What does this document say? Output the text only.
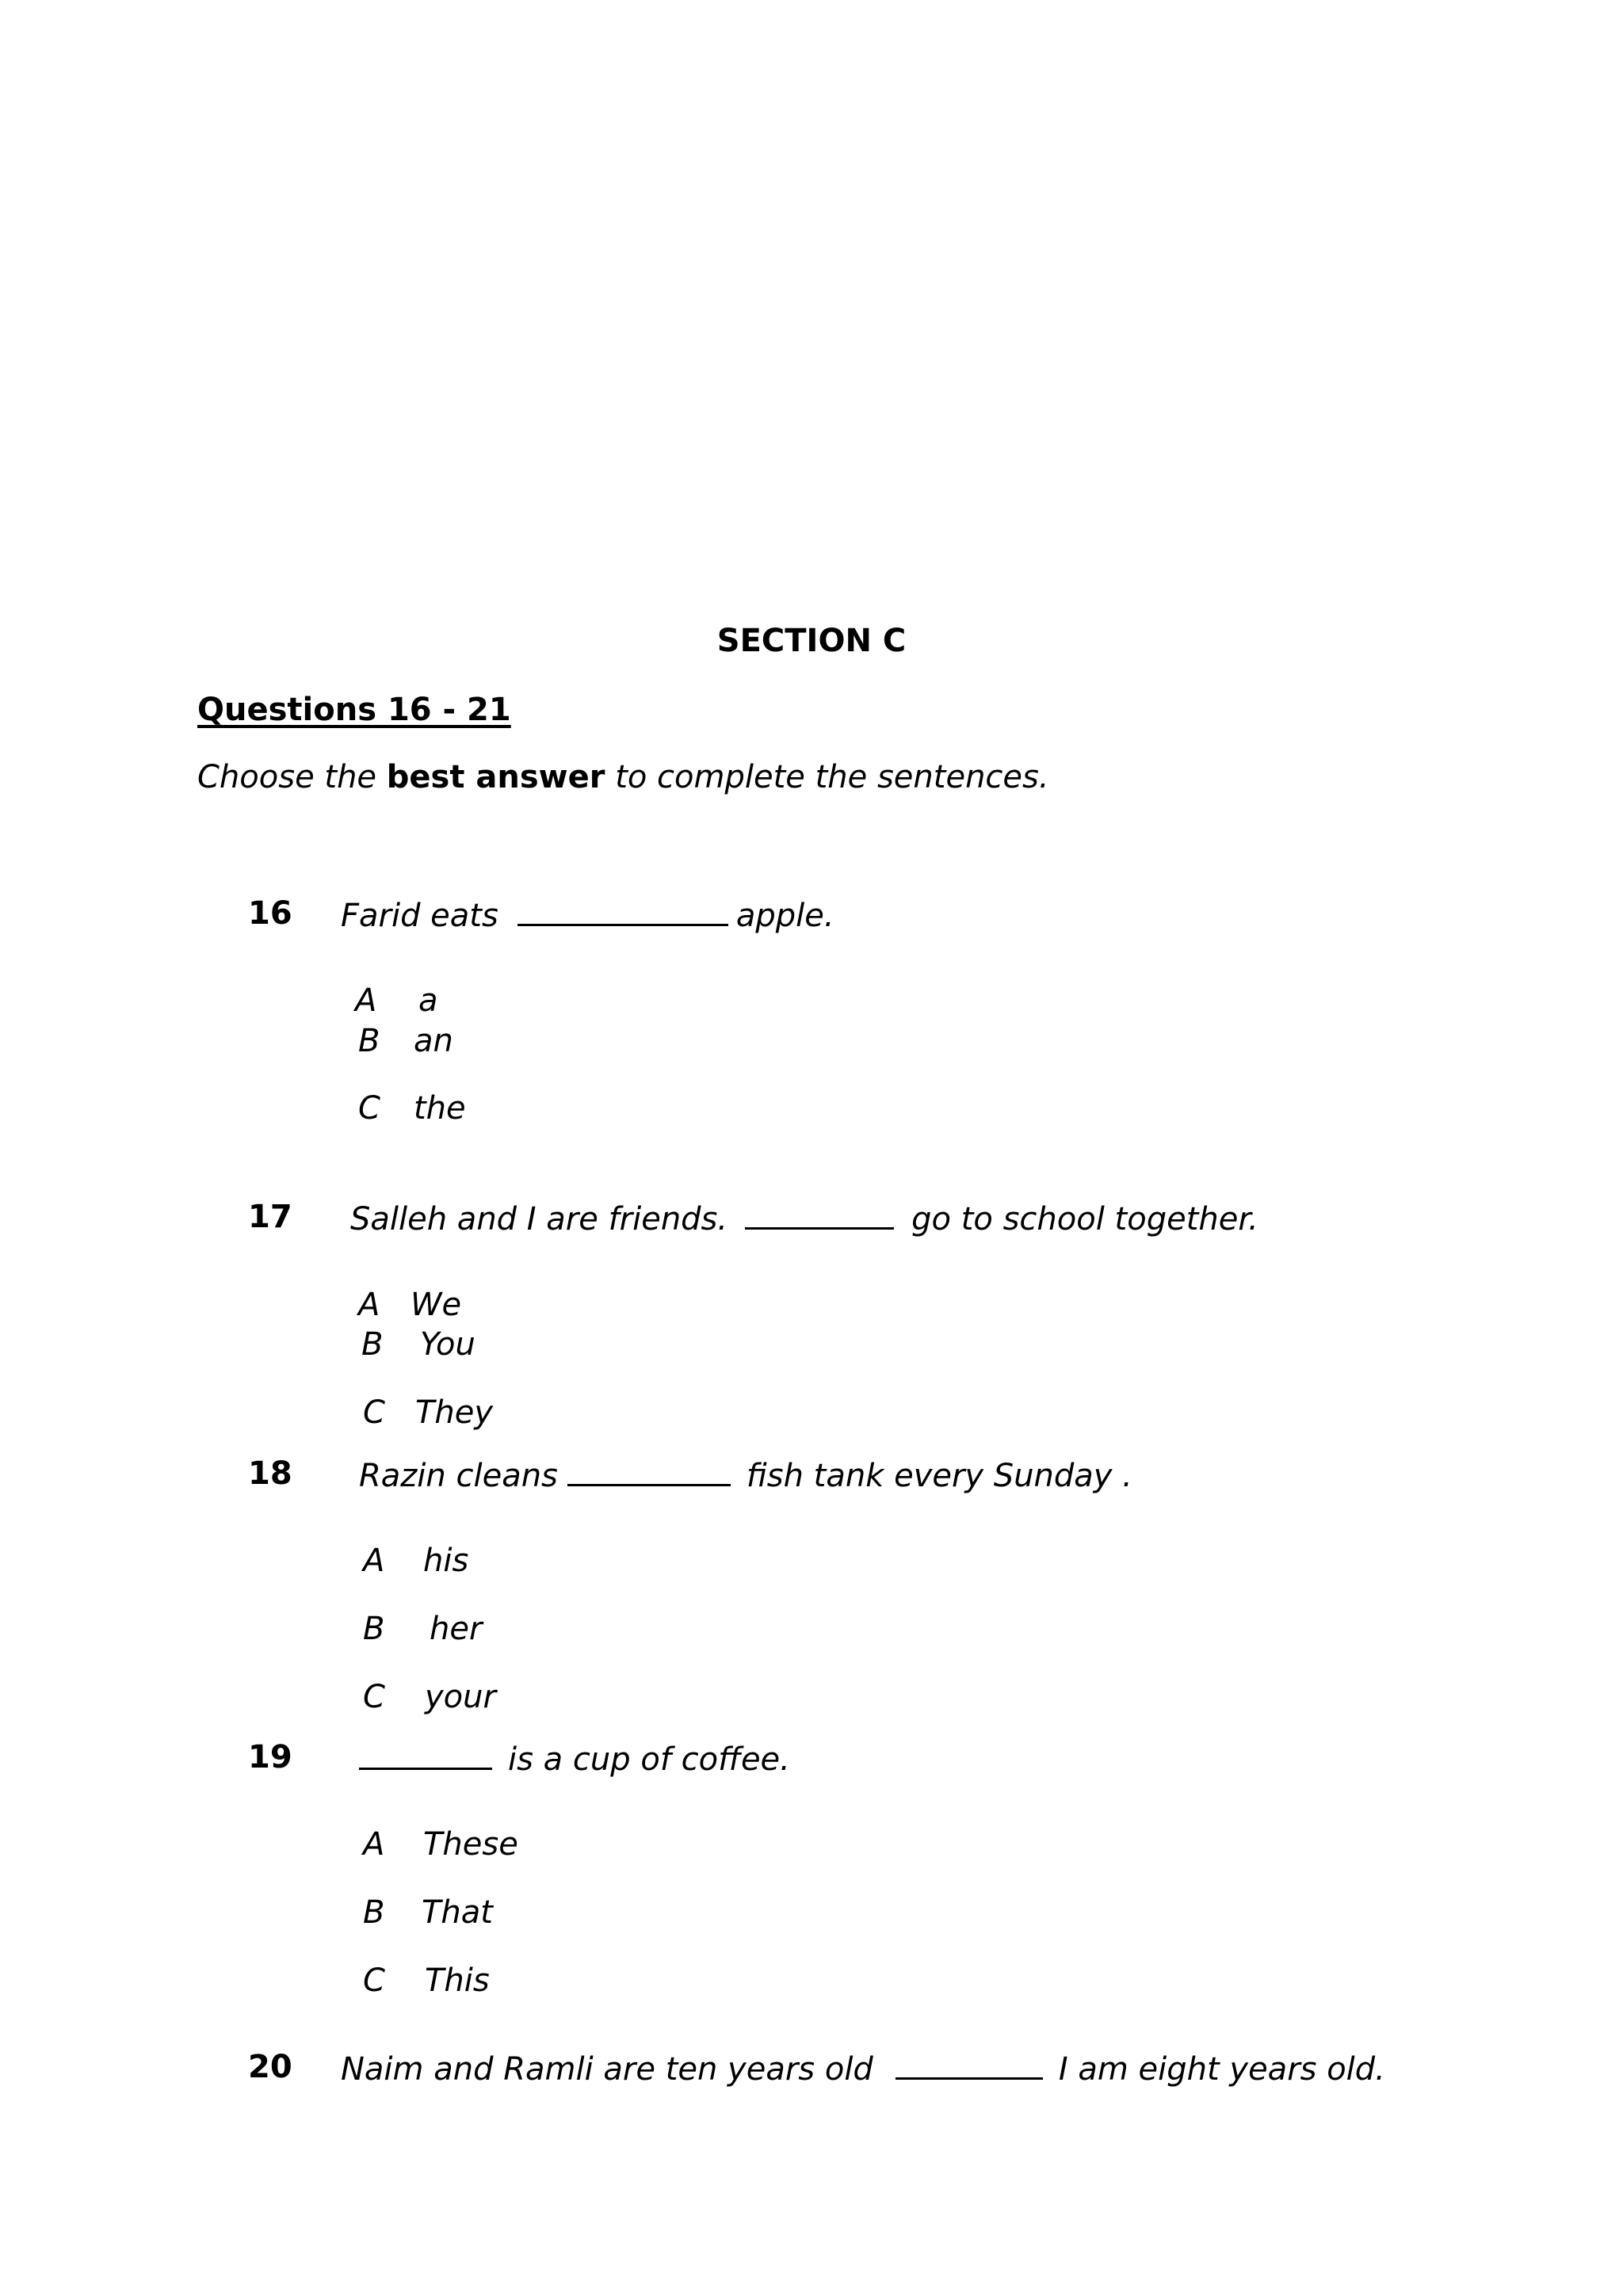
SECTION C
Questions 16 - 21
Choose the best answer to complete the sentences.
16 Farid eats	apple.
A a
B an
C the
17 Salleh and I are friends.	go to school together.
A We
B You
C They
18 Razin cleans	fish tank every Sunday .
A his
B her
C your
19	is a cup of coffee.
A These
B That
C This
20 Naim and Ramli are ten years old	I am eight years old.
